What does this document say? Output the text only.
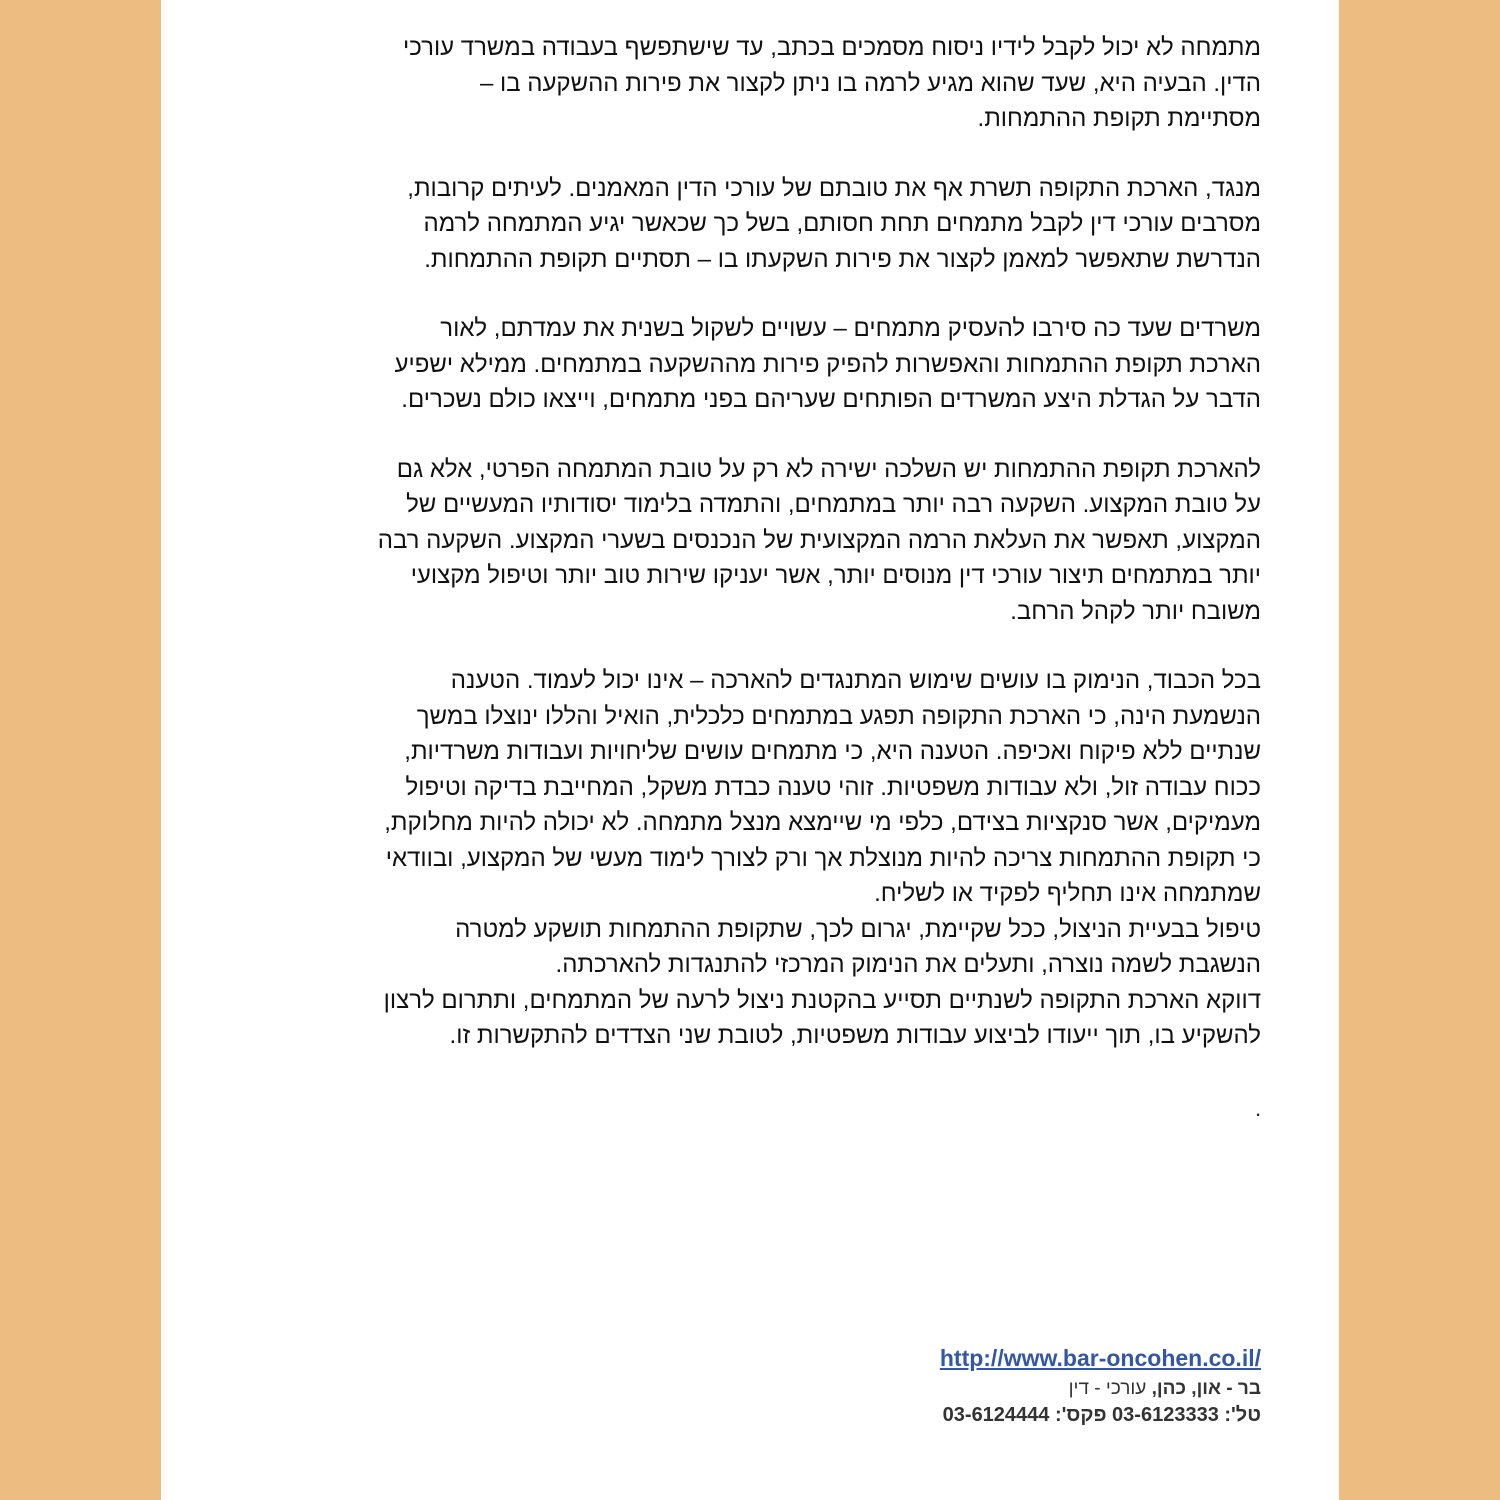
מתמחה לא יכול לקבל לידיו ניסוח מסמכים בכתב, עד שישתפשף בעבודה במשרד עורכי
הדין. הבעיה היא, שעד שהוא מגיע לרמה בו ניתן לקצור את פירות ההשקעה בו –
מסתיימת תקופת ההתמחות.
מנגד, הארכת התקופה תשרת אף את טובתם של עורכי הדין המאמנים. לעיתים קרובות,
מסרבים עורכי דין לקבל מתמחים תחת חסותם, בשל כך שכאשר יגיע המתמחה לרמה
הנדרשת שתאפשר למאמן לקצור את פירות השקעתו בו – תסתיים תקופת ההתמחות.
משרדים שעד כה סירבו להעסיק מתמחים – עשויים לשקול בשנית את עמדתם, לאור
הארכת תקופת ההתמחות והאפשרות להפיק פירות מההשקעה במתמחים. ממילא ישפיע
הדבר על הגדלת היצע המשרדים הפותחים שעריהם בפני מתמחים, וייצאו כולם נשכרים.
להארכת תקופת ההתמחות יש השלכה ישירה לא רק על טובת המתמחה הפרטי, אלא גם
על טובת המקצוע. השקעה רבה יותר במתמחים, והתמדה בלימוד יסודותיו המעשיים של
המקצוע, תאפשר את העלאת הרמה המקצועית של הנכנסים בשערי המקצוע. השקעה רבה
יותר במתמחים תיצור עורכי דין מנוסים יותר, אשר יעניקו שירות טוב יותר וטיפול מקצועי
משובח יותר לקהל הרחב.
בכל הכבוד, הנימוק בו עושים שימוש המתנגדים להארכה – אינו יכול לעמוד. הטענה
הנשמעת הינה, כי הארכת התקופה תפגע במתמחים כלכלית, הואיל והללו ינוצלו במשך
שנתיים ללא פיקוח ואכיפה. הטענה היא, כי מתמחים עושים שליחויות ועבודות משרדיות,
ככוח עבודה זול, ולא עבודות משפטיות. זוהי טענה כבדת משקל, המחייבת בדיקה וטיפול
מעמיקים, אשר סנקציות בצידם, כלפי מי שיימצא מנצל מתמחה. לא יכולה להיות מחלוקת,
כי תקופת ההתמחות צריכה להיות מנוצלת אך ורק לצורך לימוד מעשי של המקצוע, ובוודאי
שמתמחה אינו תחליף לפקיד או לשליח.
טיפול בבעיית הניצול, ככל שקיימת, יגרום לכך, שתקופת ההתמחות תושקע למטרה
הנשגבת לשמה נוצרה, ותעלים את הנימוק המרכזי להתנגדות להארכתה.
דווקא הארכת התקופה לשנתיים תסייע בהקטנת ניצול לרעה של המתמחים, ותתרום לרצון
להשקיע בו, תוך ייעודו לביצוע עבודות משפטיות, לטובת שני הצדדים להתקשרות זו.
.
http://www.bar-oncohen.co.il/
בר - און, כהן, עורכי - דין
טל': 03-6123333 פקס': 03-6124444
